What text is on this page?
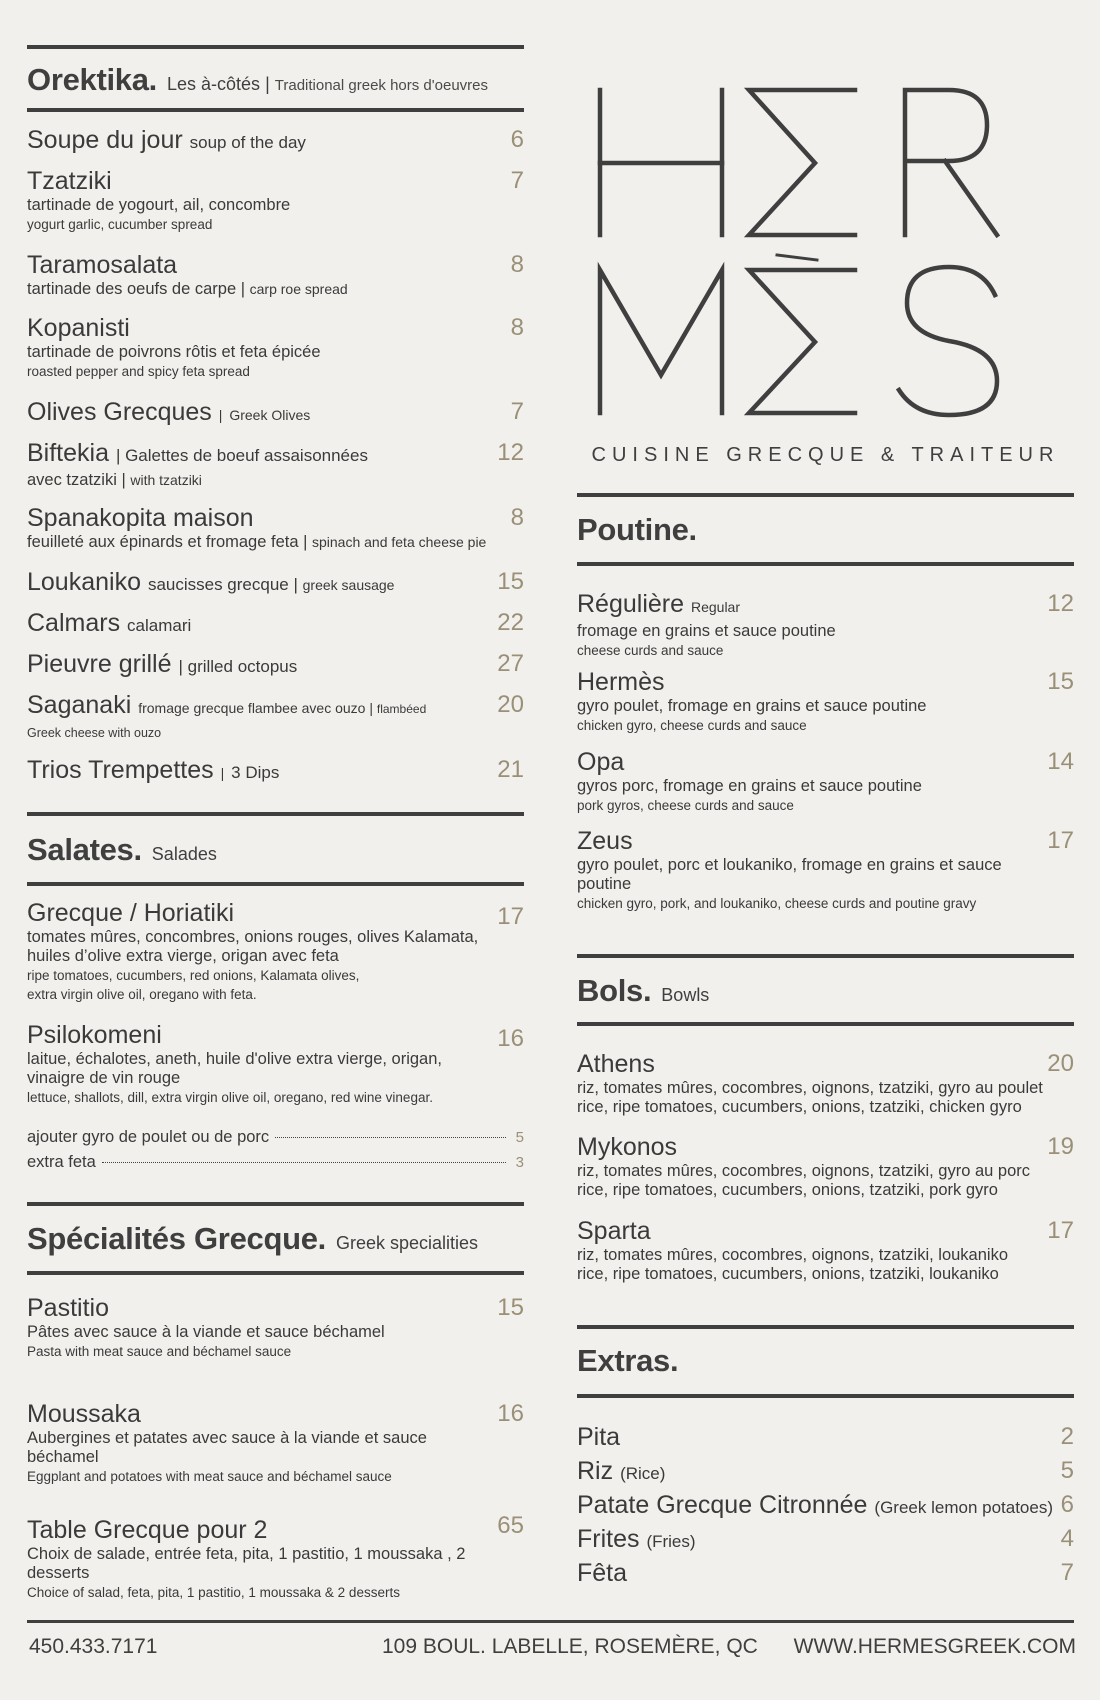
Orektika. Les à-côtés | Traditional greek hors d'oeuvres
Soupe du jour soup of the day	6
Tzatziki
tartinade de yogourt, ail, concombre
yogurt garlic, cucumber spread
7
Taramosalata
tartinade des oeufs de carpe | carp roe spread
8
Kopanisti
tartinade de poivrons rôtis et feta épicée
roasted pepper and spicy feta spread
8
Olives Grecques | Greek Olives	7
Biftekia | Galettes de boeuf assaisonnées
avec tzatziki | with tzatziki
12
Spanakopita maison
feuilleté aux épinards et fromage feta | spinach and feta cheese pie
8
Loukaniko saucisses grecque | greek sausage	15
Calmars calamari	22
Pieuvre grillé | grilled octopus	27
Saganaki fromage grecque flambee avec ouzo | flambéed
Greek cheese with ouzo
20
Trios Trempettes | 3 Dips	21
Salates. Salades
Grecque / Horiatiki
tomates mûres, concombres, onions rouges, olives Kalamata, huiles d’olive extra vierge, origan avec feta
ripe tomatoes, cucumbers, red onions, Kalamata olives, extra virgin olive oil, oregano with feta.
17
Psilokomeni
laitue, échalotes, aneth, huile d'olive extra vierge, origan, vinaigre de vin rouge
lettuce, shallots, dill, extra virgin olive oil, oregano, red wine vinegar.
16
ajouter gyro de poulet ou de porc	5
extra feta	3
Spécialités Grecque. Greek specialities
Pastitio
Pâtes avec sauce à la viande et sauce béchamel
Pasta with meat sauce and béchamel sauce
15
Moussaka
Aubergines et patates avec sauce à la viande et sauce béchamel
Eggplant and potatoes with meat sauce and béchamel sauce
16
Table Grecque pour 2
Choix de salade, entrée feta, pita, 1 pastitio, 1 moussaka , 2 desserts
Choice of salad, feta, pita, 1 pastitio, 1 moussaka & 2 desserts
65
HΣR
CUISINE GRECQUE & TRAITEUR
Poutine.
Régulière Regular
fromage en grains et sauce poutine
cheese curds and sauce
12
Hermès
gyro poulet, fromage en grains et sauce poutine
chicken gyro, cheese curds and sauce
15
Opa
gyros porc, fromage en grains et sauce poutine
pork gyros, cheese curds and sauce
14
Zeus
gyro poulet, porc et loukaniko, fromage en grains et sauce poutine
chicken gyro, pork, and loukaniko, cheese curds and poutine gravy
17
Bols. Bowls
Athens
riz, tomates mûres, cocombres, oignons, tzatziki, gyro au poulet
rice, ripe tomatoes, cucumbers, onions, tzatziki, chicken gyro
20
Mykonos
riz, tomates mûres, cocombres, oignons, tzatziki, gyro au porc
rice, ripe tomatoes, cucumbers, onions, tzatziki, pork gyro
19
Sparta
riz, tomates mûres, cocombres, oignons, tzatziki, loukaniko
rice, ripe tomatoes, cucumbers, onions, tzatziki, loukaniko
17
Extras.
Pita	2
Riz (Rice)	5
Patate Grecque Citronnée (Greek lemon potatoes) 6
Frites (Fries)	4
Fêta	7
450.433.7171	109 BOUL. LABELLE, ROSEMÈRE, QC WWW.HERMESGREEK.COM
